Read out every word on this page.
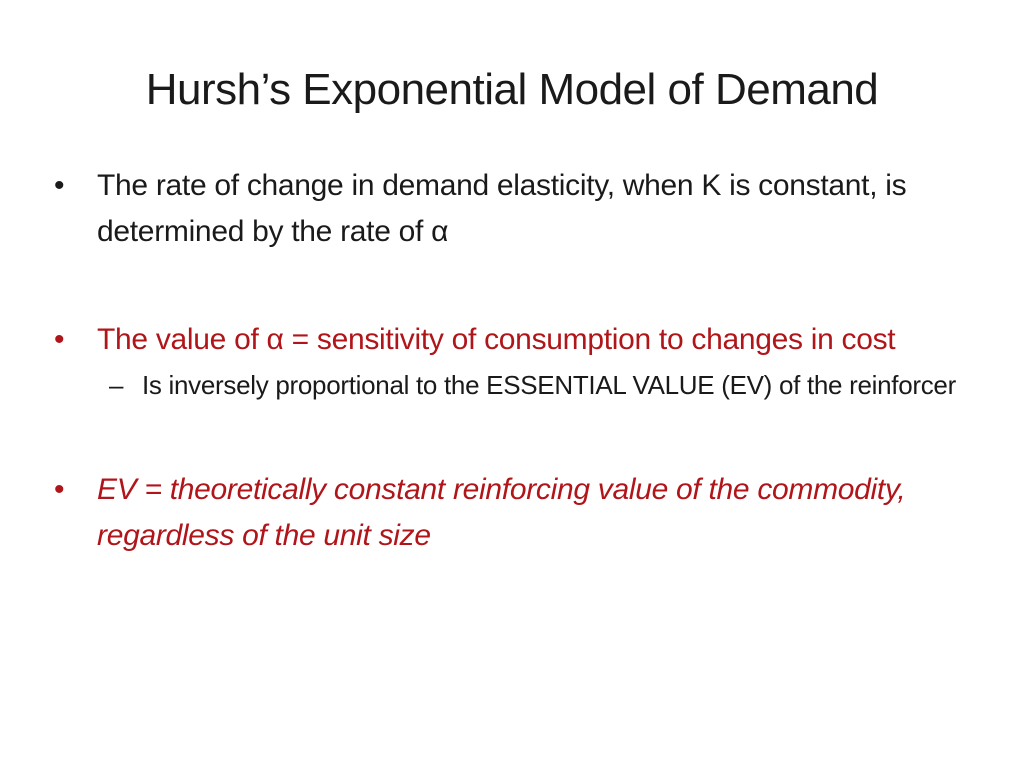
Hursh’s Exponential Model of Demand
• The rate of change in demand elasticity, when K is constant, is determined by the rate of α
• The value of α = sensitivity of consumption to changes in cost
– Is inversely proportional to the ESSENTIAL VALUE (EV) of the reinforcer
• EV = theoretically constant reinforcing value of the commodity, regardless of the unit size
